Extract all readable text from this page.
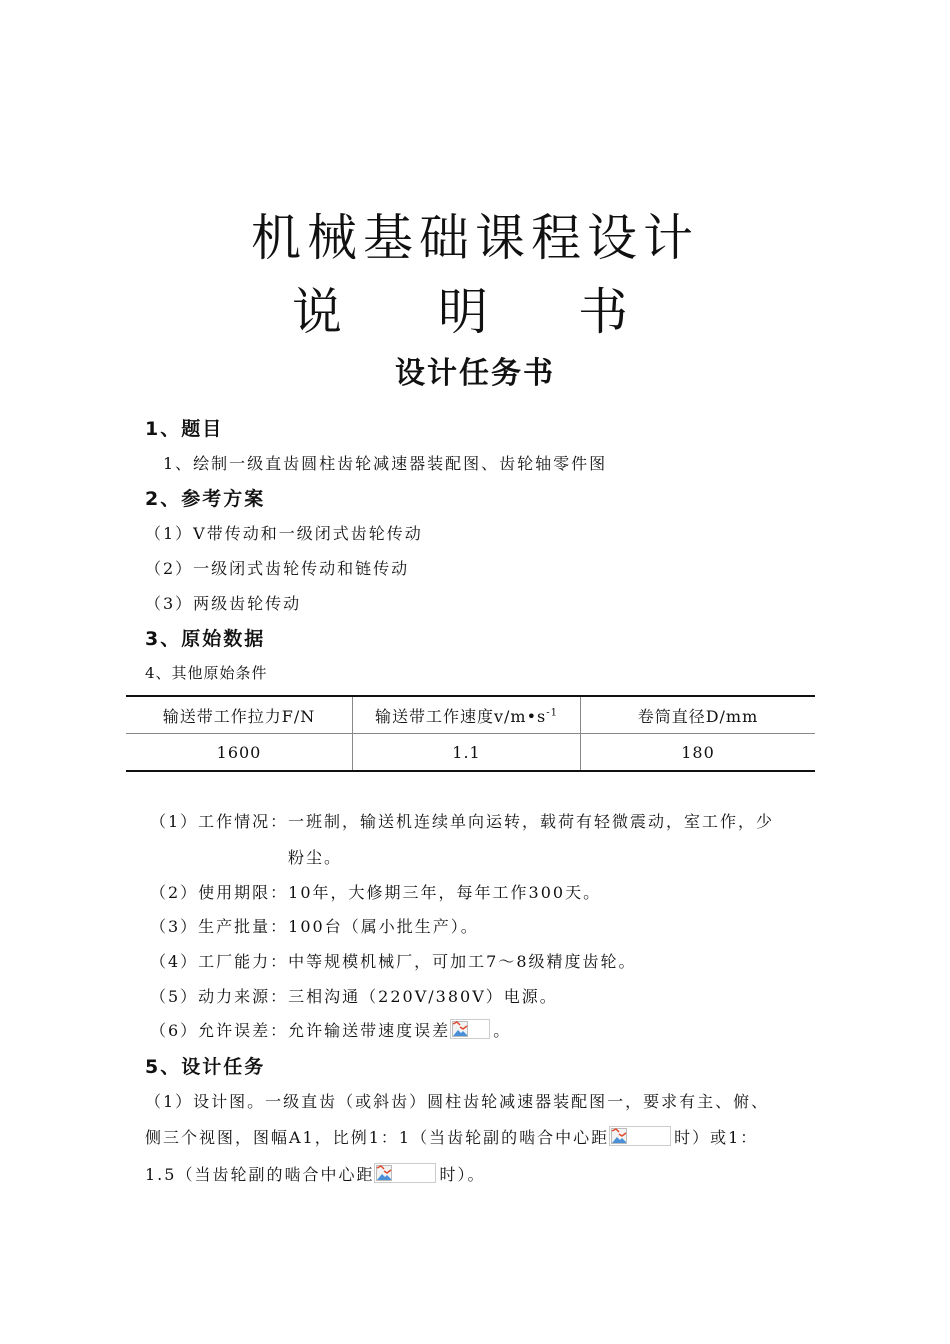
机械基础课程设计
说 明 书
设计任务书
1、题目
1、绘制一级直齿圆柱齿轮减速器装配图、齿轮轴零件图
2、参考方案
（1）V带传动和一级闭式齿轮传动
（2）一级闭式齿轮传动和链传动
（3）两级齿轮传动
3、原始数据
4、其他原始条件
输送带工作拉力F/N	输送带工作速度$v/m•s^{-1}$	卷筒直径D/mm
1600	1.1	180
（1）工作情况： 一班制，输送机连续单向运转，载荷有轻微震动，室工作，少
粉尘。
（2）使用期限：10年，大修期三年，每年工作300天。
（3）生产批量：100台（属小批生产）。
（4）工厂能力：中等规模机械厂，可加工7～8级精度齿轮。
（5）动力来源：三相沟通（220V/380V）电源。
（6）允许误差：允许输送带速度误差	。
5、设计任务
（1）设计图。一级直齿（或斜齿）圆柱齿轮减速器装配图一，要求有主、俯、
侧三个视图，图幅A1，比例1：1（当齿轮副的啮合中心距	时）或1：
1.5（当齿轮副的啮合中心距	时）。
